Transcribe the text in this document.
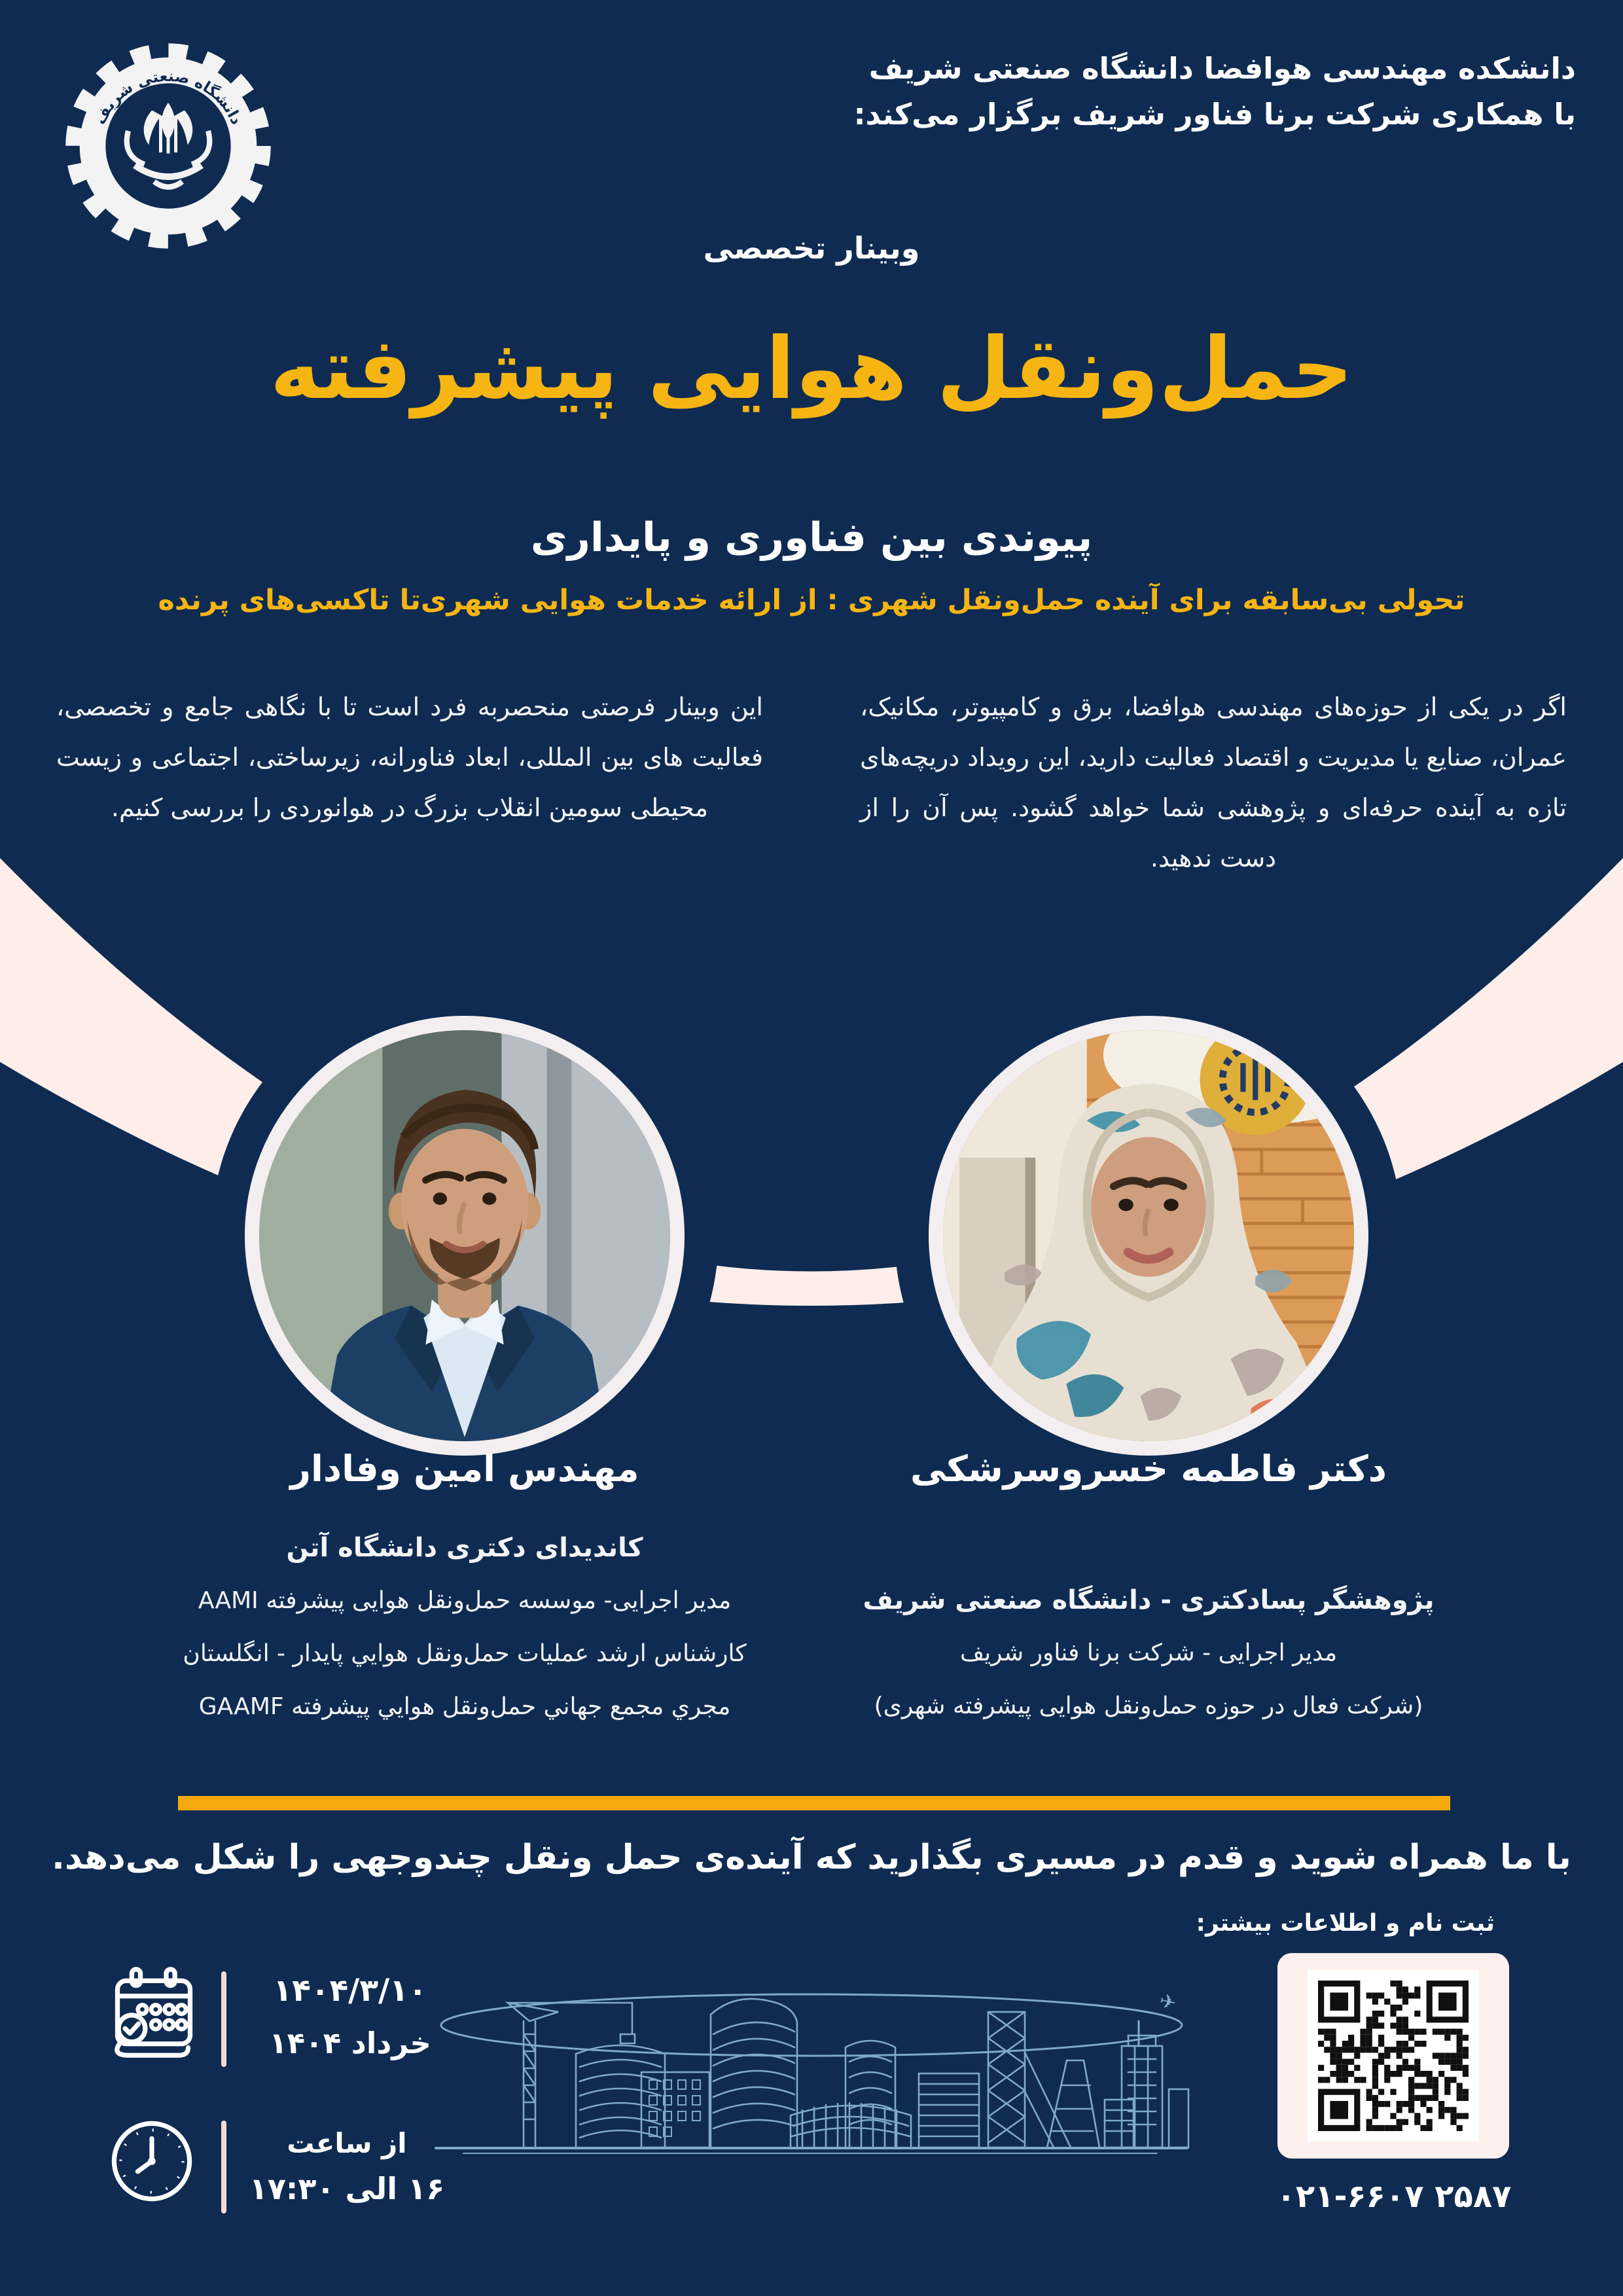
دانشگاه صنعتی شریف
دانشکده مهندسی هوافضا دانشگاه صنعتی شریف
با همکاری شرکت برنا فناور شریف برگزار می‌کند:
وبینار تخصصی
حمل‌ونقل هوایی پیشرفته
پیوندی بین فناوری و پایداری
تحولی بی‌سابقه برای آینده حمل‌ونقل شهری : از ارائه خدمات هوایی شهری‌تا تاکسی‌های پرنده
اگر در یکی از حوزه‌های مهندسی هوافضا، برق و کامپیوتر، مکانیک، عمران، صنایع یا مدیریت و اقتصاد فعالیت دارید، این رویداد دریچه‌های تازه به آینده حرفه‌ای و پژوهشی شما خواهد گشود. پس آن را از دست ندهید.
این وبینار فرصتی منحصربه فرد است تا با نگاهی جامع و تخصصی، فعالیت های بین المللی، ابعاد فناورانه، زیرساختی، اجتماعی و زیست محیطی سومین انقلاب بزرگ در هوانوردی را بررسی کنیم.
مهندس امین وفادار	دکتر فاطمه خسروسرشکی
کاندیدای دکتری دانشگاه آتن
مدیر اجرایی- موسسه حمل‌ونقل هوایی پیشرفته AAMI
کارشناس ارشد عملیات حمل‌ونقل هوايي پایدار - انگلستان
مجري مجمع جهاني حمل‌ونقل هوايي پیشرفته GAAMF
پژوهشگر پسادکتری - دانشگاه صنعتی شریف
مدیر اجرایی - شرکت برنا فناور شریف
(شرکت فعال در حوزه حمل‌ونقل هوایی پیشرفته شهری)
با ما همراه شوید و قدم در مسیری بگذارید که آینده‌ی حمل ونقل چندوجهی را شکل می‌دهد.
ثبت نام و اطلاعات بیشتر:
۰۲۱-۶۶۰۷ ۲۵۸۷
۱۴۰۴/۳/۱۰
خرداد ۱۴۰۴
از ساعت
۱۶ الی ۱۷:۳۰
✈
